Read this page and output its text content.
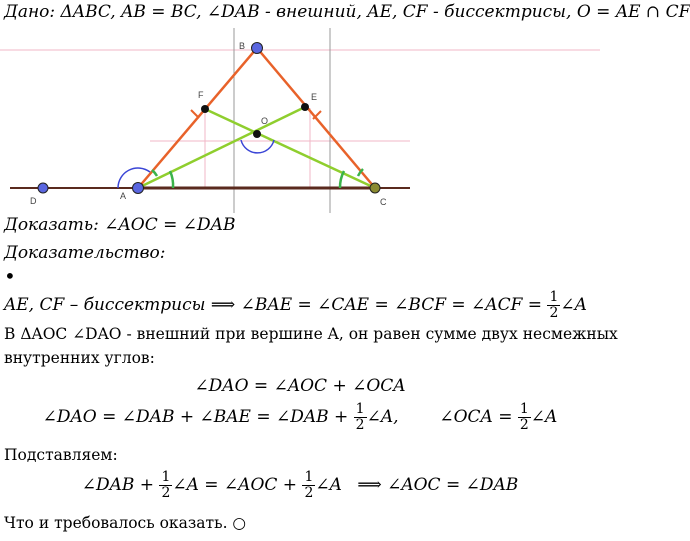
Дано: ΔABC, AB = BC, ∠DAB - внешний, AE, CF - биссектрисы, O = AE ∩ CF
D	A
B
C
F	E
O
Доказать: ∠AOC = ∠DAB
Доказательство:
•
AE, CF – биссектрисы ⟹ ∠BAE = ∠CAE = ∠BCF = ∠ACF = $\frac{1}{2}$ ∠A
В ΔAOC ∠DAO - внешний при вершине A, он равен сумме двух несмежных
внутренних углов:
∠DAO = ∠AOC + ∠OCA
∠DAO = ∠DAB + ∠BAE = ∠DAB + $\frac{1}{2}$ ∠A, ∠OCA = $\frac{1}{2}$ ∠A
Подставляем:
∠DAB + $\frac{1}{2}$ ∠A = ∠AOC + $\frac{1}{2}$ ∠A ⟹ ∠AOC = ∠DAB
Что и требовалось оказать. ○
